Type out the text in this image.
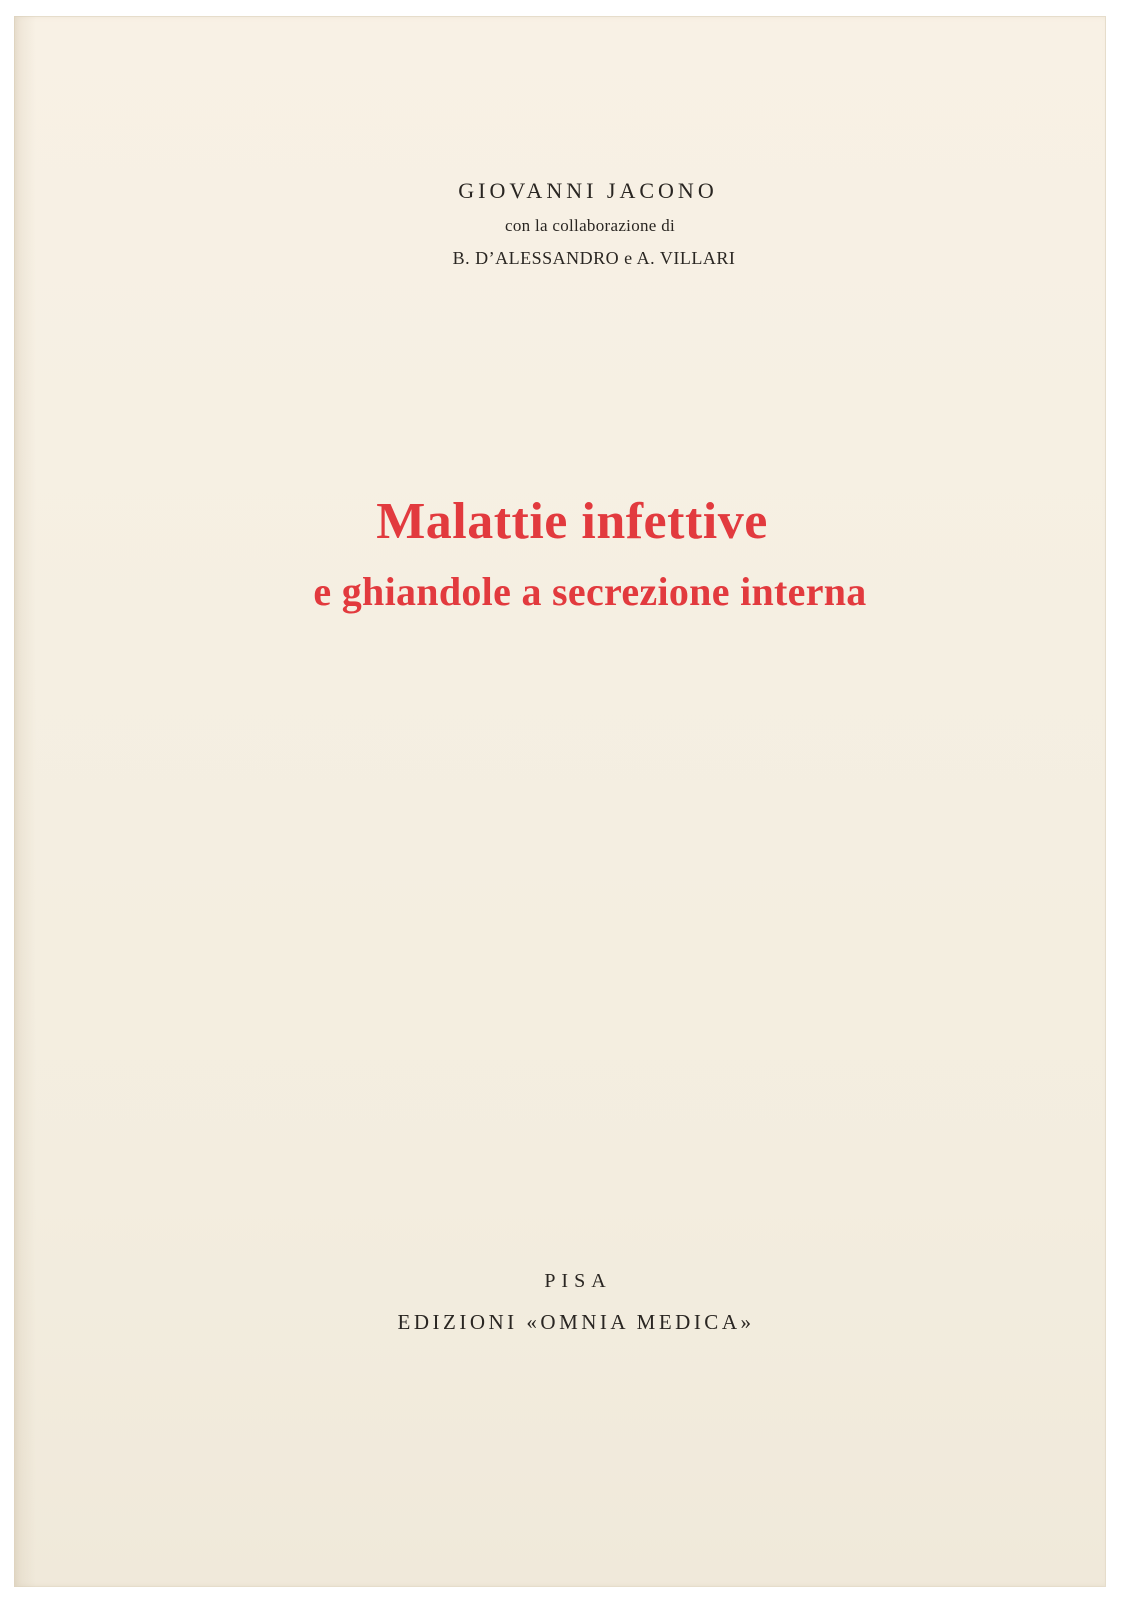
GIOVANNI JACONO
con la collaborazione di
B. D’ALESSANDRO e A. VILLARI
Malattie infettive
e ghiandole a secrezione interna
PISA
EDIZIONI «OMNIA MEDICA»
